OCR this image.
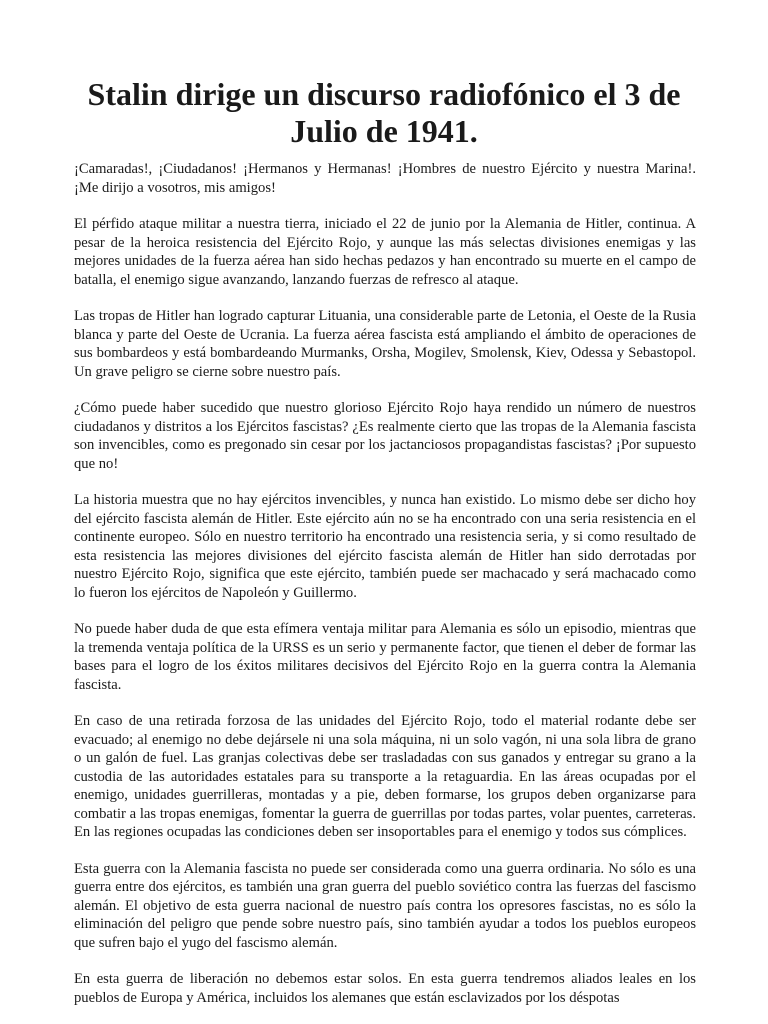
Stalin dirige un discurso radiofónico el 3 de Julio de 1941.

¡Camaradas!, ¡Ciudadanos! ¡Hermanos y Hermanas! ¡Hombres de nuestro Ejército y nuestra Marina!. ¡Me dirijo a vosotros, mis amigos!

El pérfido ataque militar a nuestra tierra, iniciado el 22 de junio por la Alemania de Hitler, continua. A pesar de la heroica resistencia del Ejército Rojo, y aunque las más selectas divisiones enemigas y las mejores unidades de la fuerza aérea han sido hechas pedazos y han encontrado su muerte en el campo de batalla, el enemigo sigue avanzando, lanzando fuerzas de refresco al ataque.

Las tropas de Hitler han logrado capturar Lituania, una considerable parte de Letonia, el Oeste de la Rusia blanca y parte del Oeste de Ucrania. La fuerza aérea fascista está ampliando el ámbito de operaciones de sus bombardeos y está bombardeando Murmanks, Orsha, Mogilev, Smolensk, Kiev, Odessa y Sebastopol. Un grave peligro se cierne sobre nuestro país.

¿Cómo puede haber sucedido que nuestro glorioso Ejército Rojo haya rendido un número de nuestros ciudadanos y distritos a los Ejércitos fascistas? ¿Es realmente cierto que las tropas de la Alemania fascista son invencibles, como es pregonado sin cesar por los jactanciosos propagandistas fascistas? ¡Por supuesto que no!

La historia muestra que no hay ejércitos invencibles, y nunca han existido. Lo mismo debe ser dicho hoy del ejército fascista alemán de Hitler. Este ejército aún no se ha encontrado con una seria resistencia en el continente europeo. Sólo en nuestro territorio ha encontrado una resistencia seria, y si como resultado de esta resistencia las mejores divisiones del ejército fascista alemán de Hitler han sido derrotadas por nuestro Ejército Rojo, significa que este ejército, también puede ser machacado y será machacado como lo fueron los ejércitos de Napoleón y Guillermo.

No puede haber duda de que esta efímera ventaja militar para Alemania es sólo un episodio, mientras que la tremenda ventaja política de la URSS es un serio y permanente factor, que tienen el deber de formar las bases para el logro de los éxitos militares decisivos del Ejército Rojo en la guerra contra la Alemania fascista.

En caso de una retirada forzosa de las unidades del Ejército Rojo, todo el material rodante debe ser evacuado; al enemigo no debe dejársele ni una sola máquina, ni un solo vagón, ni una sola libra de grano o un galón de fuel. Las granjas colectivas debe ser trasladadas con sus ganados y entregar su grano a la custodia de las autoridades estatales para su transporte a la retaguardia. En las áreas ocupadas por el enemigo, unidades guerrilleras, montadas y a pie, deben formarse, los grupos deben organizarse para combatir a las tropas enemigas, fomentar la guerra de guerrillas por todas partes, volar puentes, carreteras. En las regiones ocupadas las condiciones deben ser insoportables para el enemigo y todos sus cómplices.

Esta guerra con la Alemania fascista no puede ser considerada como una guerra ordinaria. No sólo es una guerra entre dos ejércitos, es también una gran guerra del pueblo soviético contra las fuerzas del fascismo alemán. El objetivo de esta guerra nacional de nuestro país contra los opresores fascistas, no es sólo la eliminación del peligro que pende sobre nuestro país, sino también ayudar a todos los pueblos europeos que sufren bajo el yugo del fascismo alemán.

En esta guerra de liberación no debemos estar solos. En esta guerra tendremos aliados leales en los pueblos de Europa y América, incluidos los alemanes que están esclavizados por los déspotas
